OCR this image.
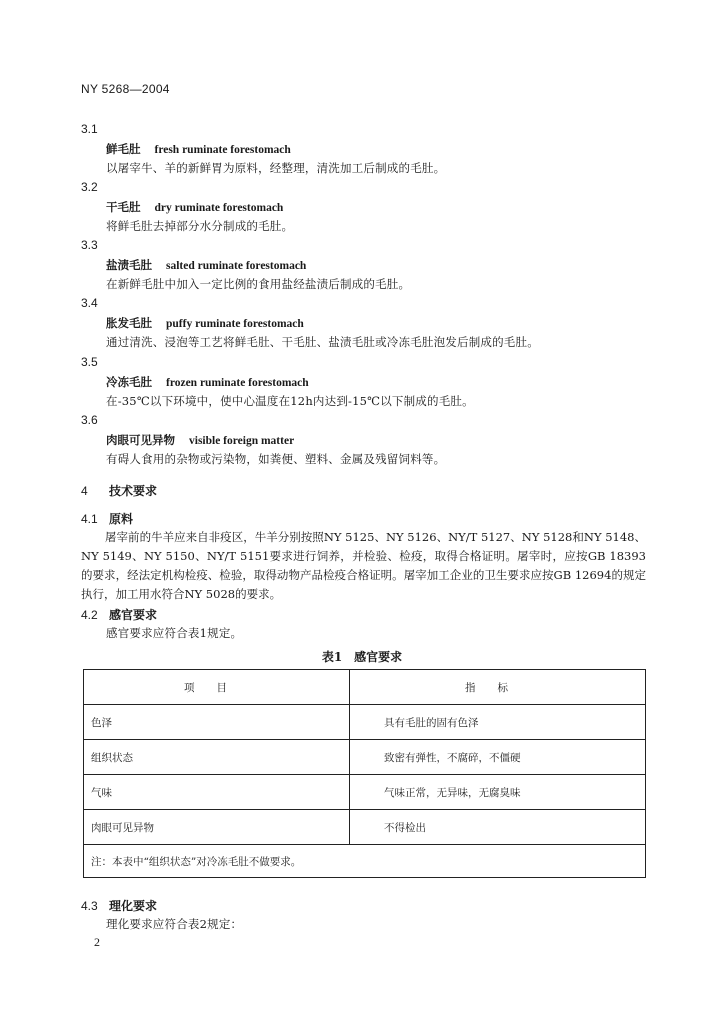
NY 5268—2004
3.1
鲜毛肚 fresh ruminate forestomach
以屠宰牛、羊的新鲜胃为原料，经整理，清洗加工后制成的毛肚。
3.2
干毛肚 dry ruminate forestomach
将鲜毛肚去掉部分水分制成的毛肚。
3.3
盐渍毛肚 salted ruminate forestomach
在新鲜毛肚中加入一定比例的食用盐经盐渍后制成的毛肚。
3.4
胀发毛肚 puffy ruminate forestomach
通过清洗、浸泡等工艺将鲜毛肚、干毛肚、盐渍毛肚或冷冻毛肚泡发后制成的毛肚。
3.5
冷冻毛肚 frozen ruminate forestomach
在-35℃以下环境中，使中心温度在12h内达到-15℃以下制成的毛肚。
3.6
肉眼可见异物 visible foreign matter
有碍人食用的杂物或污染物，如粪便、塑料、金属及残留饲料等。
4 技术要求
4.1 原料
屠宰前的牛羊应来自非疫区，牛羊分别按照NY 5125、NY 5126、NY/T 5127、NY 5128和NY 5148、NY 5149、NY 5150、NY/T 5151要求进行饲养，并检验、检疫，取得合格证明。屠宰时，应按GB 18393的要求，经法定机构检疫、检验，取得动物产品检疫合格证明。屠宰加工企业的卫生要求应按GB 12694的规定执行，加工用水符合NY 5028的要求。
4.2 感官要求
感官要求应符合表1规定。
表1　感官要求
项目	指标
色泽	具有毛肚的固有色泽
组织状态	致密有弹性，不腐碎，不僵硬
气味	气味正常，无异味，无腐臭味
肉眼可见异物	不得检出
注：本表中“组织状态”对冷冻毛肚不做要求。	
4.3 理化要求
理化要求应符合表2规定：
2
